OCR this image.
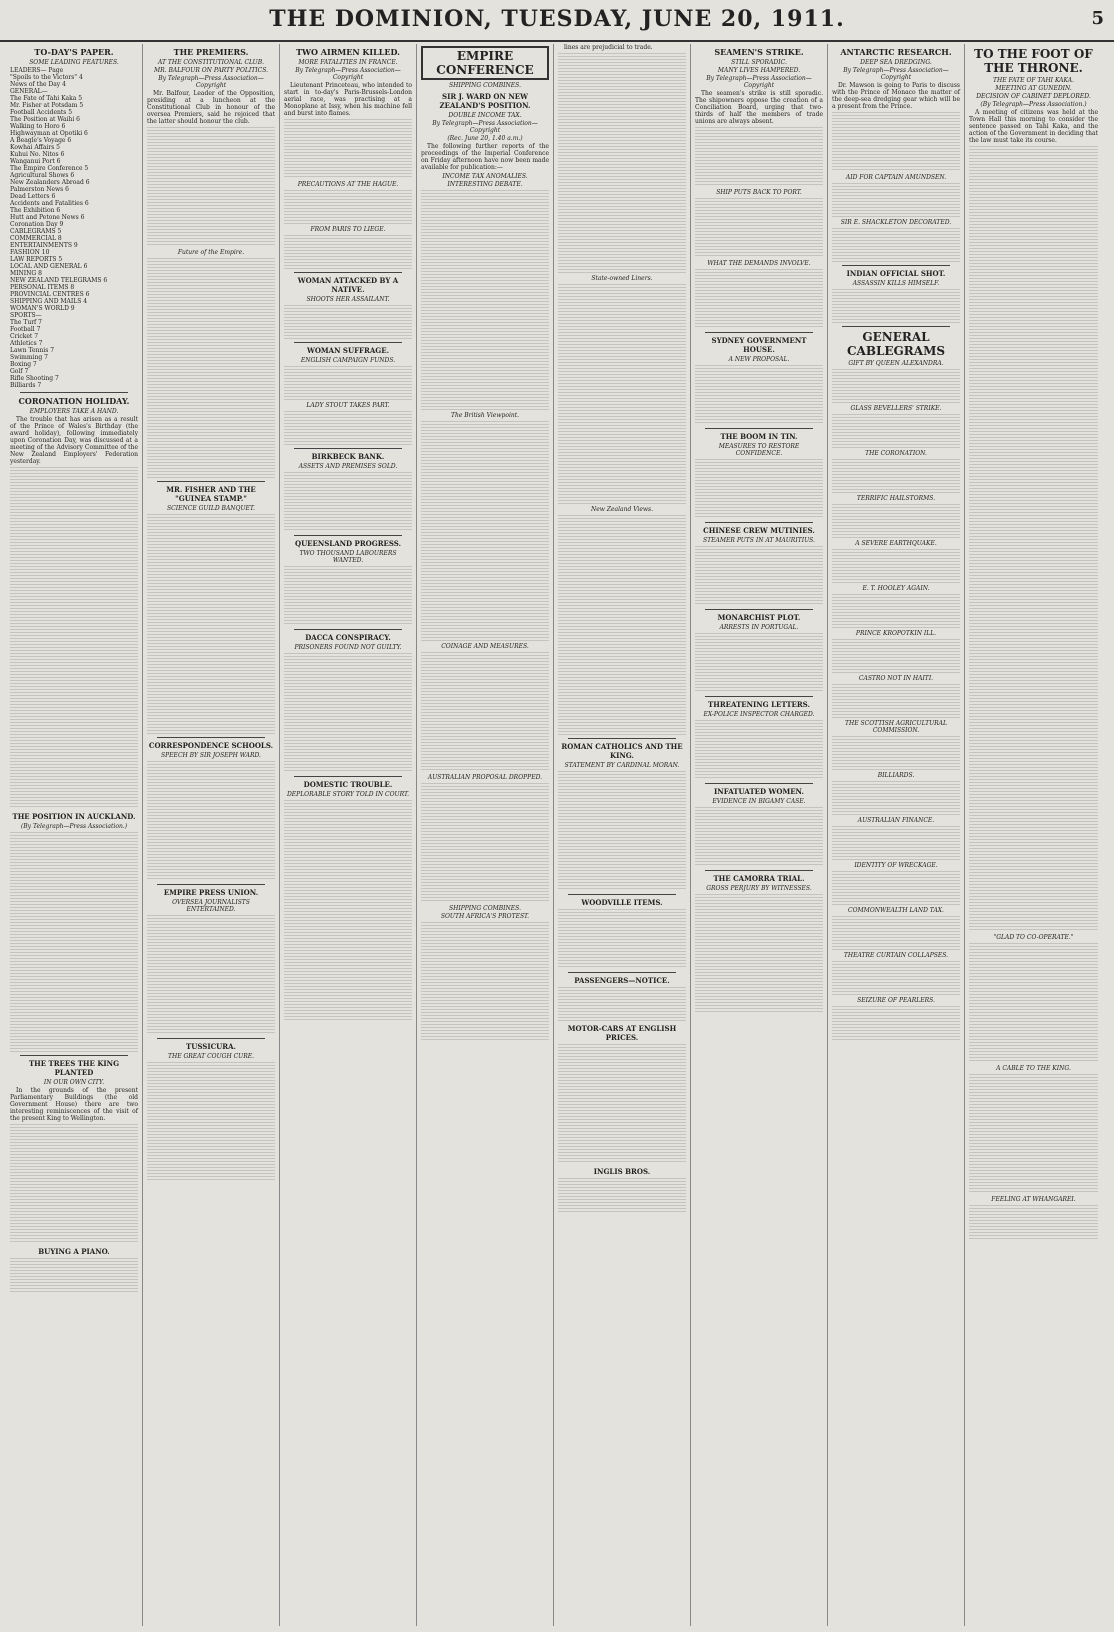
THE DOMINION, TUESDAY, JUNE 20, 1911.	5
TO-DAY'S PAPER.
SOME LEADING FEATURES.
LEADERS— Page
"Spoils to the Victors" 4
News of the Day 4
GENERAL—
The Fate of Tahi Kaka 5
Mr. Fisher at Potsdam 5
Football Accidents 5
The Position at Waihi 6
Walking to Horo 6
Highwayman at Opotiki 6
A Beagle's Voyage 6
Kowhai Affairs 5
Kuhui No. Nitos 6
Wanganui Port 6
The Empire Conference 5
Agricultural Shows 6
New Zealanders Abroad 6
Palmerston News 6
Dead Letters 6
Accidents and Fatalities 6
The Exhibition 6
Hutt and Petone News 6
Coronation Day 9
CABLEGRAMS 5
COMMERCIAL 8
ENTERTAINMENTS 9
FASHION 10
LAW REPORTS 5
LOCAL AND GENERAL 6
MINING 8
NEW ZEALAND TELEGRAMS 6
PERSONAL ITEMS 8
PROVINCIAL CENTRES 6
SHIPPING AND MAILS 4
WOMAN'S WORLD 9
SPORTS—
The Turf 7
Football 7
Cricket 7
Athletics 7
Lawn Tennis 7
Swimming 7
Boxing 7
Golf 7
Rifle Shooting 7
Billiards 7
CORONATION HOLIDAY.
EMPLOYERS TAKE A HAND.

The trouble that has arisen as a result of the Prince of Wales's Birthday (the award holiday), following immediately upon Coronation Day, was discussed at a meeting of the Advisory Committee of the New Zealand Employers' Federation yesterday.

THE POSITION IN AUCKLAND.
(By Telegraph—Press Association.)
THE TREES THE KING PLANTED
IN OUR OWN CITY.

In the grounds of the present Parliamentary Buildings (the old Government House) there are two interesting reminiscences of the visit of the present King to Wellington.

BUYING A PIANO.
THE PREMIERS.
AT THE CONSTITUTIONAL CLUB.
MR. BALFOUR ON PARTY POLITICS.
By Telegraph—Press Association—Copyright

Mr. Balfour, Leader of the Opposition, presiding at a luncheon at the Constitutional Club in honour of the oversea Premiers, said he rejoiced that the latter should honour the club.

Future of the Empire.
MR. FISHER AND THE "GUINEA STAMP."
SCIENCE GUILD BANQUET.
CORRESPONDENCE SCHOOLS.
SPEECH BY SIR JOSEPH WARD.
EMPIRE PRESS UNION.
OVERSEA JOURNALISTS ENTERTAINED.
TUSSICURA.
THE GREAT COUGH CURE.
TWO AIRMEN KILLED.
MORE FATALITIES IN FRANCE.
By Telegraph—Press Association—Copyright

Lieutenant Princeteau, who intended to start in to-day's Paris-Brussels-London aerial race, was practising at a Monoplane at Issy, when his machine fell and burst into flames.

PRECAUTIONS AT THE HAGUE.
FROM PARIS TO LIEGE.
WOMAN ATTACKED BY A NATIVE.
SHOOTS HER ASSAILANT.
WOMAN SUFFRAGE.
ENGLISH CAMPAIGN FUNDS.
LADY STOUT TAKES PART.
BIRKBECK BANK.
ASSETS AND PREMISES SOLD.
QUEENSLAND PROGRESS.
TWO THOUSAND LABOURERS WANTED.
DACCA CONSPIRACY.
PRISONERS FOUND NOT GUILTY.
DOMESTIC TROUBLE.
DEPLORABLE STORY TOLD IN COURT.
EMPIRE CONFERENCE
SHIPPING COMBINES.
SIR J. WARD ON NEW ZEALAND'S POSITION.
DOUBLE INCOME TAX.
By Telegraph—Press Association—Copyright
(Rec. June 20, 1.40 a.m.)

The following further reports of the proceedings of the Imperial Conference on Friday afternoon have now been made available for publication:—

INCOME TAX ANOMALIES.
INTERESTING DEBATE.
The British Viewpoint.
COINAGE AND MEASURES.
AUSTRALIAN PROPOSAL DROPPED.
SHIPPING COMBINES.
SOUTH AFRICA'S PROTEST.

lines are prejudicial to trade.

State-owned Liners.
New Zealand Views.
ROMAN CATHOLICS AND THE KING.
STATEMENT BY CARDINAL MORAN.
WOODVILLE ITEMS.
PASSENGERS—NOTICE.
MOTOR-CARS AT ENGLISH PRICES.
INGLIS BROS.
SEAMEN'S STRIKE.
STILL SPORADIC.
MANY LIVES HAMPERED.
By Telegraph—Press Association—Copyright

The seamen's strike is still sporadic. The shipowners oppose the creation of a Conciliation Board, urging that two-thirds of half the members of trade unions are always absent.

SHIP PUTS BACK TO PORT.
WHAT THE DEMANDS INVOLVE.
SYDNEY GOVERNMENT HOUSE.
A NEW PROPOSAL.
THE BOOM IN TIN.
MEASURES TO RESTORE CONFIDENCE.
CHINESE CREW MUTINIES.
STEAMER PUTS IN AT MAURITIUS.
MONARCHIST PLOT.
ARRESTS IN PORTUGAL.
THREATENING LETTERS.
EX-POLICE INSPECTOR CHARGED.
INFATUATED WOMEN.
EVIDENCE IN BIGAMY CASE.
THE CAMORRA TRIAL.
GROSS PERJURY BY WITNESSES.
ANTARCTIC RESEARCH.
DEEP SEA DREDGING.
By Telegraph—Press Association—Copyright

Dr. Mawson is going to Paris to discuss with the Prince of Monaco the matter of the deep-sea dredging gear which will be a present from the Prince.

AID FOR CAPTAIN AMUNDSEN.
SIR E. SHACKLETON DECORATED.
INDIAN OFFICIAL SHOT.
ASSASSIN KILLS HIMSELF.
GENERAL CABLEGRAMS
GIFT BY QUEEN ALEXANDRA.
GLASS BEVELLERS' STRIKE.
THE CORONATION.
TERRIFIC HAILSTORMS.
A SEVERE EARTHQUAKE.
E. T. HOOLEY AGAIN.
PRINCE KROPOTKIN ILL.
CASTRO NOT IN HAITI.
THE SCOTTISH AGRICULTURAL COMMISSION.
BILLIARDS.
AUSTRALIAN FINANCE.
IDENTITY OF WRECKAGE.
COMMONWEALTH LAND TAX.
THEATRE CURTAIN COLLAPSES.
SEIZURE OF PEARLERS.
TO THE FOOT OF THE THRONE.
THE FATE OF TAHI KAKA.
MEETING AT GUNEDIN.
DECISION OF CABINET DEPLORED.
(By Telegraph—Press Association.)

A meeting of citizens was held at the Town Hall this morning to consider the sentence passed on Tahi Kaka, and the action of the Government in deciding that the law must take its course.

"GLAD TO CO-OPERATE."
A CABLE TO THE KING.
FEELING AT WHANGAREI.
